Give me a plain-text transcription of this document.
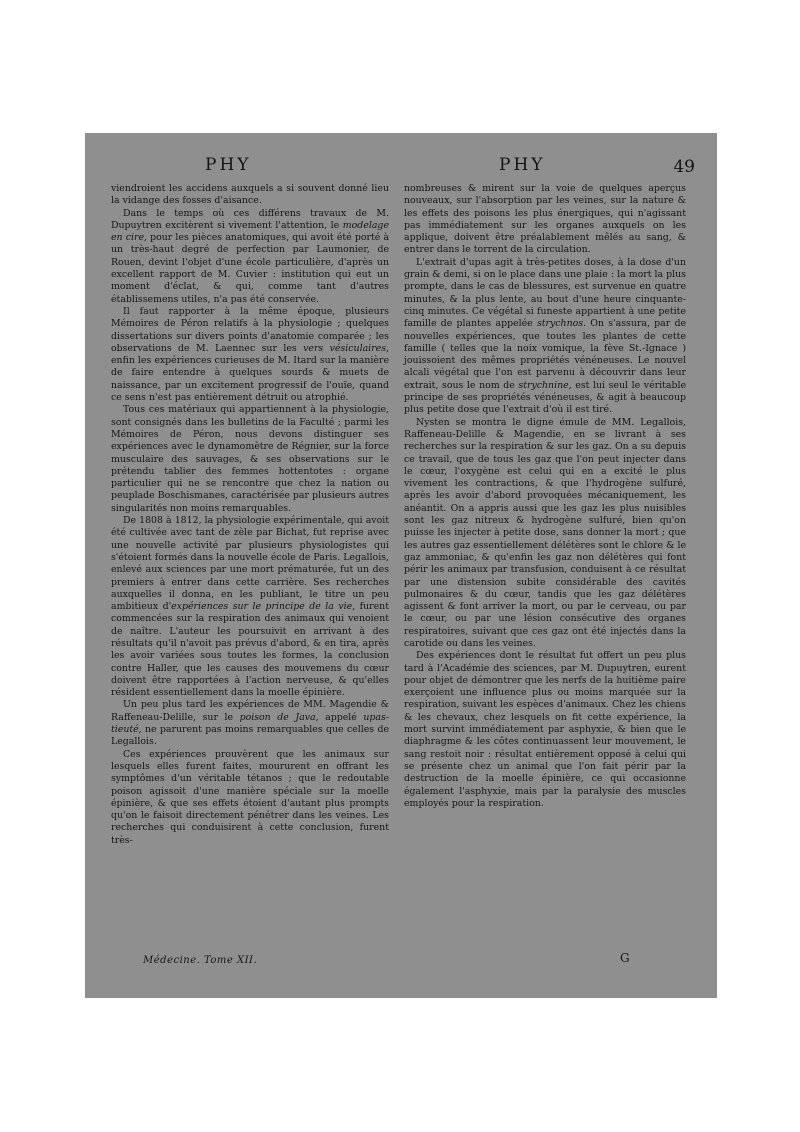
PHY	PHY	49

viendroient les accidens auxquels a si souvent donné lieu la vidange des fosses d'aisance.

Dans le temps où ces différens travaux de M. Dupuytren excitèrent si vivement l'attention, le modelage en cire, pour les pièces anatomiques, qui avoit été porté à un très-haut degré de perfection par Laumonier, de Rouen, devint l'objet d'une école particulière, d'après un excellent rapport de M. Cuvier : institution qui eut un moment d'éclat, & qui, comme tant d'autres établissemens utiles, n'a pas été conservée.

Il faut rapporter à la même époque, plusieurs Mémoires de Péron relatifs à la physiologie ; quelques dissertations sur divers points d'anatomie comparée ; les observations de M. Laennec sur les vers vésiculaires, enfin les expériences curieuses de M. Itard sur la manière de faire entendre à quelques sourds & muets de naissance, par un excitement progressif de l'ouïe, quand ce sens n'est pas entièrement détruit ou atrophié.

Tous ces matériaux qui appartiennent à la physiologie, sont consignés dans les bulletins de la Faculté ; parmi les Mémoires de Péron, nous devons distinguer ses expériences avec le dynamomètre de Régnier, sur la force musculaire des sauvages, & ses observations sur le prétendu tablier des femmes hottentotes : organe particulier qui ne se rencontre que chez la nation ou peuplade Boschismanes, caractérisée par plusieurs autres singularités non moins remarquables.

De 1808 à 1812, la physiologie expérimentale, qui avoit été cultivée avec tant de zèle par Bichat, fut reprise avec une nouvelle activité par plusieurs physiologistes qui s'étoient formés dans la nouvelle école de Paris. Legallois, enlevé aux sciences par une mort prématurée, fut un des premiers à entrer dans cette carrière. Ses recherches auxquelles il donna, en les publiant, le titre un peu ambitieux d'expériences sur le principe de la vie, furent commencées sur la respiration des animaux qui venoient de naître. L'auteur les poursuivit en arrivant à des résultats qu'il n'avoit pas prévus d'abord, & en tira, après les avoir variées sous toutes les formes, la conclusion contre Haller, que les causes des mouvemens du cœur doivent être rapportées à l'action nerveuse, & qu'elles résident essentiellement dans la moelle épinière.

Un peu plus tard les expériences de MM. Magendie & Raffeneau-Delille, sur le poison de Java, appelé upas-tieuté, ne parurent pas moins remarquables que celles de Legallois.

Ces expériences prouvèrent que les animaux sur lesquels elles furent faites, moururent en offrant les symptômes d'un véritable tétanos ; que le redoutable poison agissoit d'une manière spéciale sur la moelle épinière, & que ses effets étoient d'autant plus prompts qu'on le faisoit directement pénétrer dans les veines. Les recherches qui conduisirent à cette conclusion, furent très-

nombreuses & mirent sur la voie de quelques aperçus nouveaux, sur l'absorption par les veines, sur la nature & les effets des poisons les plus énergiques, qui n'agissant pas immédiatement sur les organes auxquels on les applique, doivent être préalablement mêlés au sang, & entrer dans le torrent de la circulation.

L'extrait d'upas agit à très-petites doses, à la dose d'un grain & demi, si on le place dans une plaie : la mort la plus prompte, dans le cas de blessures, est survenue en quatre minutes, & la plus lente, au bout d'une heure cinquante-cinq minutes. Ce végétal si funeste appartient à une petite famille de plantes appelée strychnos. On s'assura, par de nouvelles expériences, que toutes les plantes de cette famille ( telles que la noix vomique, la fève St.-Ignace ) jouissoient des mêmes propriétés vénéneuses. Le nouvel alcali végétal que l'on est parvenu à découvrir dans leur extrait, sous le nom de strychnine, est lui seul le véritable principe de ses propriétés vénéneuses, & agit à beaucoup plus petite dose que l'extrait d'où il est tiré.

Nysten se montra le digne émule de MM. Legallois, Raffeneau-Delille & Magendie, en se livrant à ses recherches sur la respiration & sur les gaz. On a su depuis ce travail, que de tous les gaz que l'on peut injecter dans le cœur, l'oxygène est celui qui en a excité le plus vivement les contractions, & que l'hydrogène sulfuré, après les avoir d'abord provoquées mécaniquement, les anéantit. On a appris aussi que les gaz les plus nuisibles sont les gaz nitreux & hydrogène sulfuré, bien qu'on puisse les injecter à petite dose, sans donner la mort ; que les autres gaz essentiellement délétères sont le chlore & le gaz ammoniac, & qu'enfin les gaz non délétères qui font périr les animaux par transfusion, conduisent à ce résultat par une distension subite considérable des cavités pulmonaires & du cœur, tandis que les gaz délétères agissent & font arriver la mort, ou par le cerveau, ou par le cœur, ou par une lésion consécutive des organes respiratoires, suivant que ces gaz ont été injectés dans la carotide ou dans les veines.

Des expériences dont le résultat fut offert un peu plus tard à l'Académie des sciences, par M. Dupuytren, eurent pour objet de démontrer que les nerfs de la huitième paire exerçoient une influence plus ou moins marquée sur la respiration, suivant les espèces d'animaux. Chez les chiens & les chevaux, chez lesquels on fit cette expérience, la mort survint immédiatement par asphyxie, & bien que le diaphragme & les côtes continuassent leur mouvement, le sang restoit noir : résultat entièrement opposé à celui qui se présente chez un animal que l'on fait périr par la destruction de la moelle épinière, ce qui occasionne également l'asphyxie, mais par la paralysie des muscles employés pour la respiration.

Médecine. Tome XII.	G
